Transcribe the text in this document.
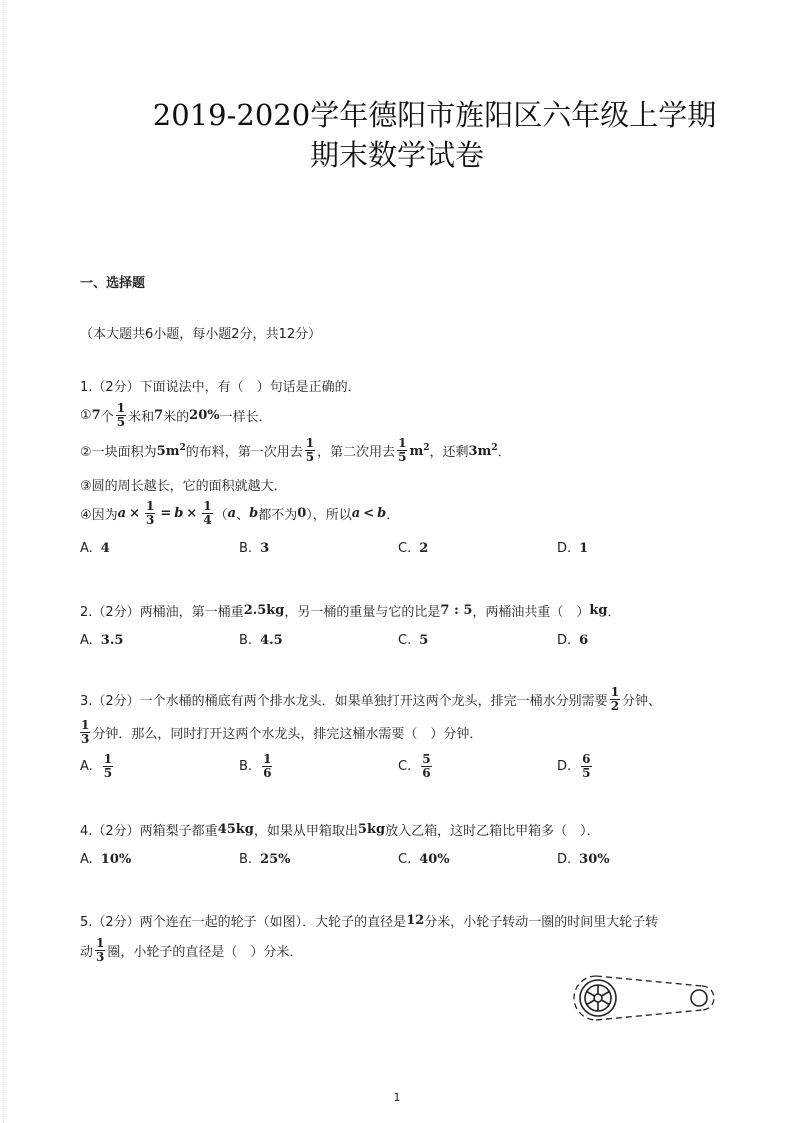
2019-2020学年德阳市旌阳区六年级上学期
期末数学试卷
一、选择题
（本大题共6小题，每小题2分，共12分）
1.（2分）下面说法中，有（　）句话是正确的．
① 7 个 $\frac{1}{5}$ 米和 7 米的 20% 一样长．
②一块面积为 $5m^2$ 的布料，第一次用去 $\frac{1}{5}$ ，第二次用去 $\frac{1}{5} m^2$ ，还剩 $3m^2$ ．
③圆的周长越长，它的面积就越大．
④因为 $a \times \frac{1}{3} = b \times \frac{1}{4}$ （ a 、 b 都不为 0 ），所以 a < b ．
A. 4	B. 3	C. 2	D. 1
2.（2分）两桶油，第一桶重 2.5kg ，另一桶的重量与它的比是 7 : 5 ，两桶油共重（　） kg ．
A. 3.5	B. 4.5	C. 5	D. 6
3.（2分）一个水桶的桶底有两个排水龙头．如果单独打开这两个龙头，排完一桶水分别需要 $\frac{1}{2}$ 分钟、
$\frac{1}{3}$ 分钟．那么，同时打开这两个水龙头，排完这桶水需要（　）分钟．
A. $\frac{1}{5}$	B. $\frac{1}{6}$	C. $\frac{5}{6}$	D. $\frac{6}{5}$
4.（2分）两箱梨子都重 45kg ，如果从甲箱取出 5kg 放入乙箱，这时乙箱比甲箱多（　）．
A. 10%	B. 25%	C. 40%	D. 30%
5.（2分）两个连在一起的轮子（如图）．大轮子的直径是 12 分米，小轮子转动一圈的时间里大轮子转
动 $\frac{1}{3}$ 圈，小轮子的直径是（　）分米．
1
